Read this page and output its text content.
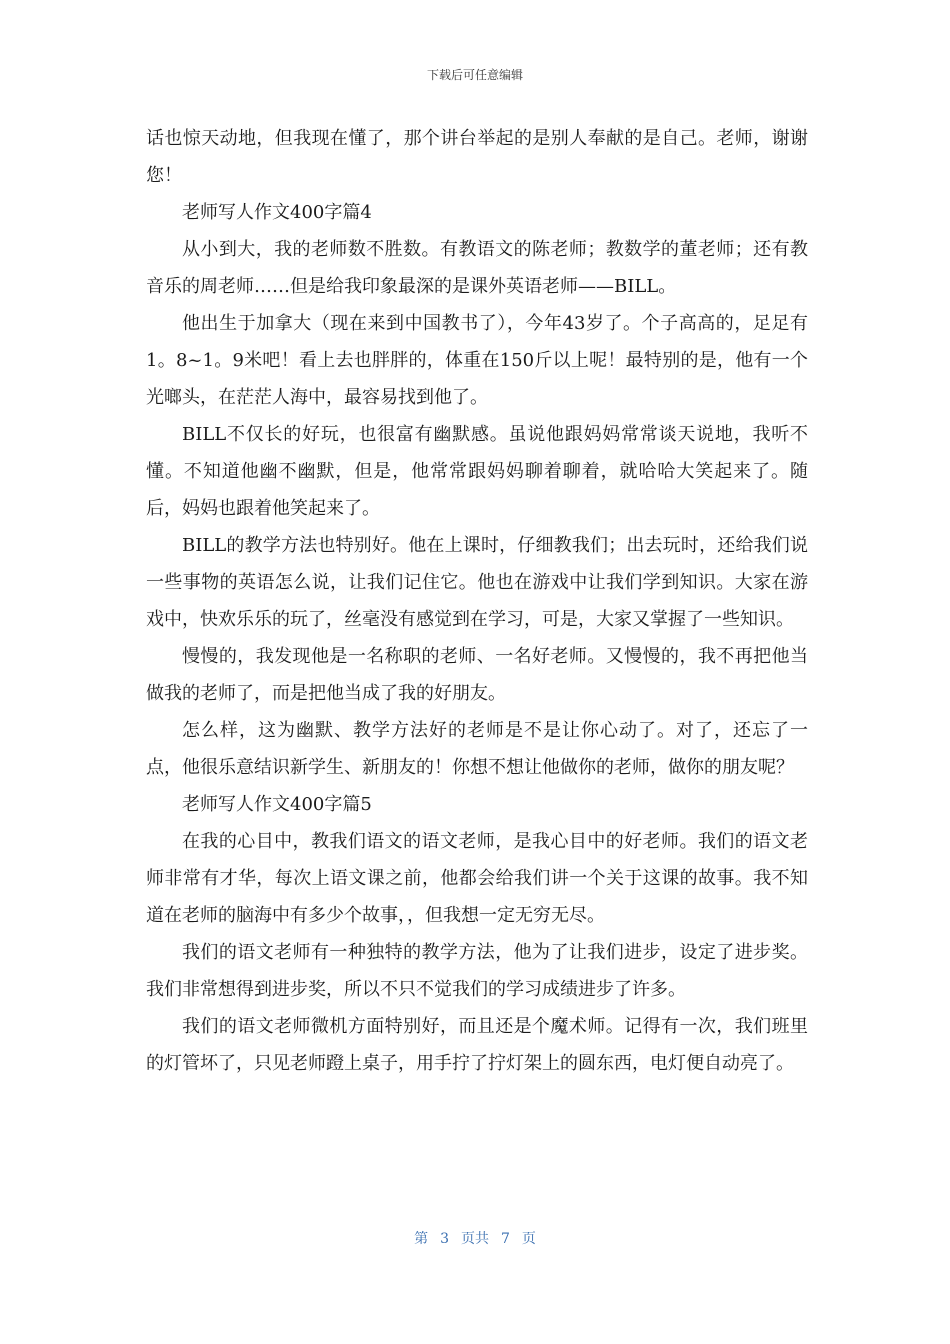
下载后可任意编辑

话也惊天动地，但我现在懂了，那个讲台举起的是别人奉献的是自己。老师，谢谢您！

老师写人作文400字篇4

从小到大，我的老师数不胜数。有教语文的陈老师；教数学的董老师；还有教音乐的周老师……但是给我印象最深的是课外英语老师——BILL。

他出生于加拿大（现在来到中国教书了），今年43岁了。个子高高的，足足有1。8~1。9米吧！看上去也胖胖的，体重在150斤以上呢！最特别的是，他有一个光啷头，在茫茫人海中，最容易找到他了。

BILL不仅长的好玩，也很富有幽默感。虽说他跟妈妈常常谈天说地，我听不懂。不知道他幽不幽默，但是，他常常跟妈妈聊着聊着，就哈哈大笑起来了。随后，妈妈也跟着他笑起来了。

BILL的教学方法也特别好。他在上课时，仔细教我们；出去玩时，还给我们说一些事物的英语怎么说，让我们记住它。他也在游戏中让我们学到知识。大家在游戏中，快欢乐乐的玩了，丝毫没有感觉到在学习，可是，大家又掌握了一些知识。

慢慢的，我发现他是一名称职的老师、一名好老师。又慢慢的，我不再把他当做我的老师了，而是把他当成了我的好朋友。

怎么样，这为幽默、教学方法好的老师是不是让你心动了。对了，还忘了一点，他很乐意结识新学生、新朋友的！你想不想让他做你的老师，做你的朋友呢？

老师写人作文400字篇5

在我的心目中，教我们语文的语文老师，是我心目中的好老师。我们的语文老师非常有才华，每次上语文课之前，他都会给我们讲一个关于这课的故事。我不知道在老师的脑海中有多少个故事，，但我想一定无穷无尽。

我们的语文老师有一种独特的教学方法，他为了让我们进步，设定了进步奖。我们非常想得到进步奖，所以不只不觉我们的学习成绩进步了许多。

我们的语文老师微机方面特别好，而且还是个魔术师。记得有一次，我们班里的灯管坏了，只见老师蹬上桌子，用手拧了拧灯架上的圆东西，电灯便自动亮了。

第 3 页共 7 页
